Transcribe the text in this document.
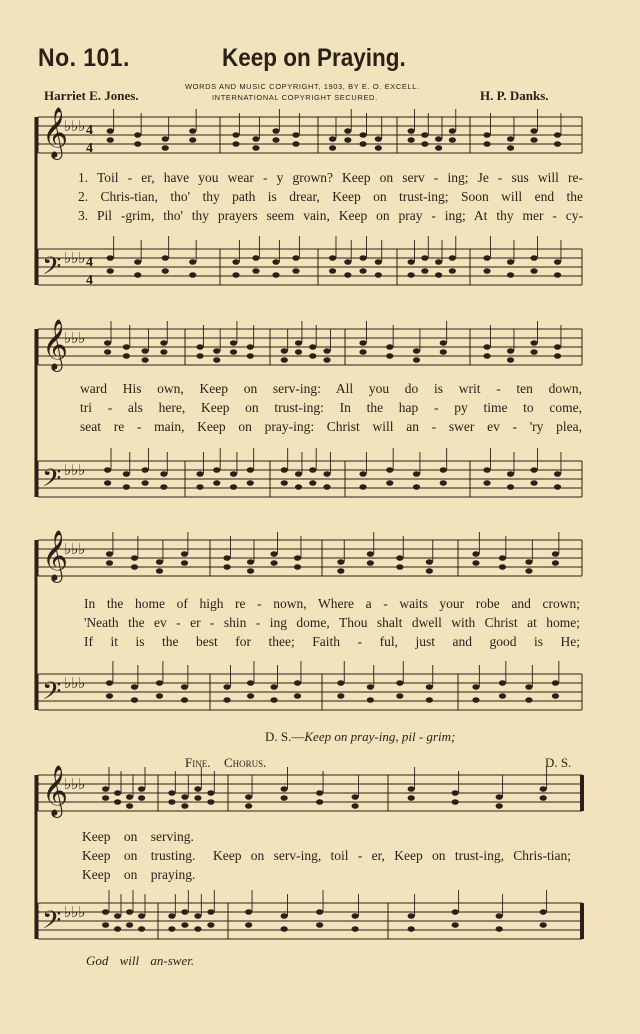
No. 101.	Keep on Praying.
WORDS AND MUSIC COPYRIGHT, 1903, BY E. O. EXCELL.
INTERNATIONAL COPYRIGHT SECURED.
Harriet E. Jones.	H. P. Danks.
𝄞
♭♭♭ 4
4
𝄢 ♭♭♭ 4
4
𝄞
♭♭♭
𝄢 ♭♭♭
𝄞
♭♭♭
𝄢 ♭♭♭
𝄞
♭♭♭
𝄢 ♭♭♭
1. Toil - er, have you wear - y grown? Keep on serv - ing; Je - sus will re-
2. Chris-tian, tho' thy path is drear, Keep on trust-ing; Soon will end the
3. Pil -grim, tho' thy prayers seem vain, Keep on pray - ing; At thy mer - cy-
ward His own, Keep on serv-ing: All you do is writ - ten down,
tri - als here, Keep on trust-ing: In the hap - py time to come,
seat re - main, Keep on pray-ing: Christ will an - swer ev - 'ry plea,
In the home of high re - nown, Where a - waits your robe and crown;
'Neath the ev - er - shin - ing dome, Thou shalt dwell with Christ at home;
If it is the best for thee; Faith - ful, just and good is He;
D. S.—Keep on pray-ing, pil - grim;
Fine. Chorus.	D. S.
Keep on serving.
Keep on trusting.
Keep on praying.
Keep on serv-ing, toil - er, Keep on trust-ing, Chris-tian;
God will an-swer.
